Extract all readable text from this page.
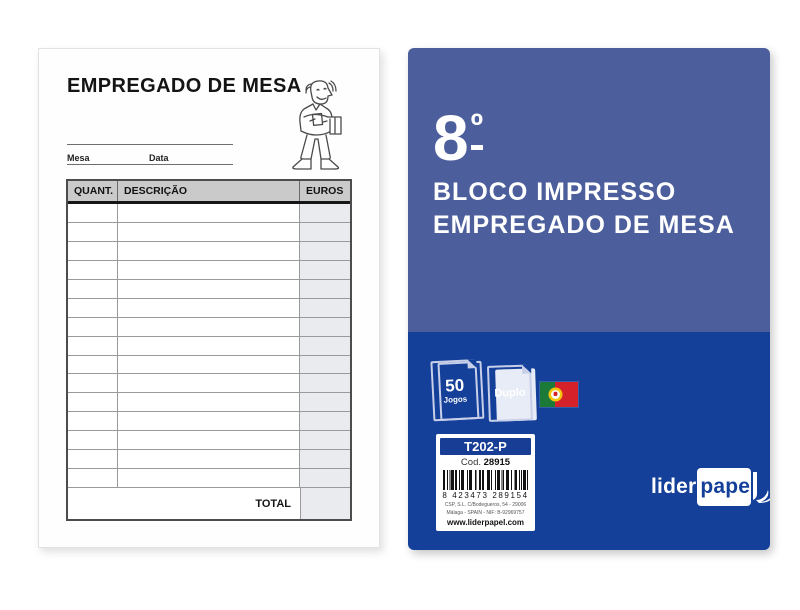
EMPREGADO DE MESA
Mesa	Data
QUANT.	DESCRIÇÃO	EUROS
TOTAL
8º
BLOCO IMPRESSO
EMPREGADO DE MESA
50
Jogos Duplo
T202-P
Cod. 28915
8 423473 289154
CSP, S.L. C/Bodegueros, 54 - 29006
Málaga - SPAIN - NIF: B-92969757
www.liderpapel.com
lider pape
